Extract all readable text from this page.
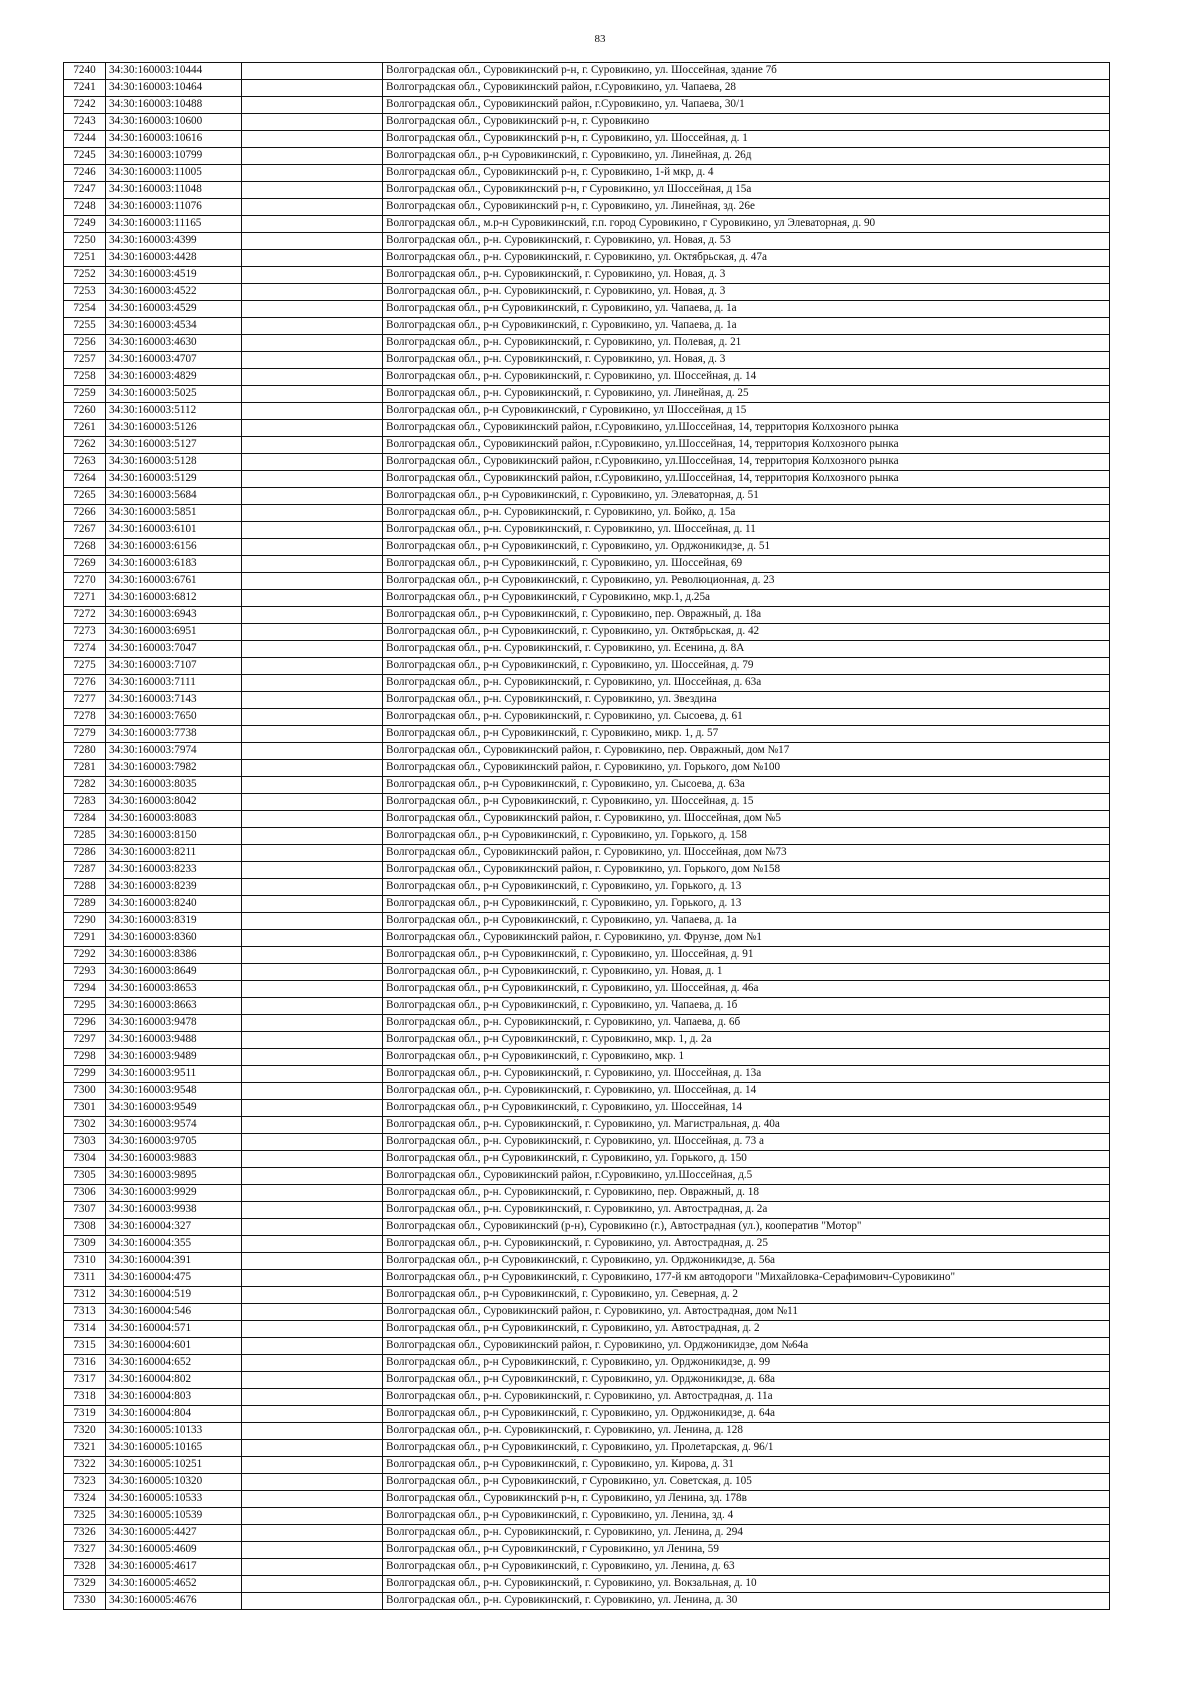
83
7240	34:30:160003:10444		Волгоградская обл., Суровикинский р-н, г. Суровикино, ул. Шоссейная, здание 7б
7241	34:30:160003:10464		Волгоградская обл., Суровикинский район, г.Суровикино, ул. Чапаева, 28
7242	34:30:160003:10488		Волгоградская обл., Суровикинский район, г.Суровикино, ул. Чапаева, 30/1
7243	34:30:160003:10600		Волгоградская обл., Суровикинский р-н, г. Суровикино
7244	34:30:160003:10616		Волгоградская обл., Суровикинский р-н, г. Суровикино, ул. Шоссейная, д. 1
7245	34:30:160003:10799		Волгоградская обл., р-н Суровикинский, г. Суровикино, ул. Линейная, д. 26д
7246	34:30:160003:11005		Волгоградская обл., Суровикинский р-н, г. Суровикино, 1-й мкр, д. 4
7247	34:30:160003:11048		Волгоградская обл., Суровикинский р-н, г Суровикино, ул Шоссейная, д 15а
7248	34:30:160003:11076		Волгоградская обл., Суровикинский р-н, г. Суровикино, ул. Линейная, зд. 26е
7249	34:30:160003:11165		Волгоградская обл., м.р-н Суровикинский, г.п. город Суровикино, г Суровикино, ул Элеваторная, д. 90
7250	34:30:160003:4399		Волгоградская обл., р-н. Суровикинский, г. Суровикино, ул. Новая, д. 53
7251	34:30:160003:4428		Волгоградская обл., р-н. Суровикинский, г. Суровикино, ул. Октябрьская, д. 47а
7252	34:30:160003:4519		Волгоградская обл., р-н. Суровикинский, г. Суровикино, ул. Новая, д. 3
7253	34:30:160003:4522		Волгоградская обл., р-н. Суровикинский, г. Суровикино, ул. Новая, д. 3
7254	34:30:160003:4529		Волгоградская обл., р-н Суровикинский, г. Суровикино, ул. Чапаева, д. 1а
7255	34:30:160003:4534		Волгоградская обл., р-н Суровикинский, г. Суровикино, ул. Чапаева, д. 1а
7256	34:30:160003:4630		Волгоградская обл., р-н. Суровикинский, г. Суровикино, ул. Полевая, д. 21
7257	34:30:160003:4707		Волгоградская обл., р-н. Суровикинский, г. Суровикино, ул. Новая, д. 3
7258	34:30:160003:4829		Волгоградская обл., р-н. Суровикинский, г. Суровикино, ул. Шоссейная, д. 14
7259	34:30:160003:5025		Волгоградская обл., р-н. Суровикинский, г. Суровикино, ул. Линейная, д. 25
7260	34:30:160003:5112		Волгоградская обл., р-н Суровикинский, г Суровикино, ул Шоссейная, д 15
7261	34:30:160003:5126		Волгоградская обл., Суровикинский район, г.Суровикино, ул.Шоссейная, 14, территория Колхозного рынка
7262	34:30:160003:5127		Волгоградская обл., Суровикинский район, г.Суровикино, ул.Шоссейная, 14, территория Колхозного рынка
7263	34:30:160003:5128		Волгоградская обл., Суровикинский район, г.Суровикино, ул.Шоссейная, 14, территория Колхозного рынка
7264	34:30:160003:5129		Волгоградская обл., Суровикинский район, г.Суровикино, ул.Шоссейная, 14, территория Колхозного рынка
7265	34:30:160003:5684		Волгоградская обл., р-н Суровикинский, г. Суровикино, ул. Элеваторная, д. 51
7266	34:30:160003:5851		Волгоградская обл., р-н. Суровикинский, г. Суровикино, ул. Бойко, д. 15а
7267	34:30:160003:6101		Волгоградская обл., р-н. Суровикинский, г. Суровикино, ул. Шоссейная, д. 11
7268	34:30:160003:6156		Волгоградская обл., р-н Суровикинский, г. Суровикино, ул. Орджоникидзе, д. 51
7269	34:30:160003:6183		Волгоградская обл., р-н Суровикинский, г. Суровикино, ул. Шоссейная, 69
7270	34:30:160003:6761		Волгоградская обл., р-н Суровикинский, г. Суровикино, ул. Революционная, д. 23
7271	34:30:160003:6812		Волгоградская обл., р-н Суровикинский, г Суровикино, мкр.1, д.25а
7272	34:30:160003:6943		Волгоградская обл., р-н Суровикинский, г. Суровикино, пер. Овражный, д. 18а
7273	34:30:160003:6951		Волгоградская обл., р-н Суровикинский, г. Суровикино, ул. Октябрьская, д. 42
7274	34:30:160003:7047		Волгоградская обл., р-н. Суровикинский, г. Суровикино, ул. Есенина, д. 8А
7275	34:30:160003:7107		Волгоградская обл., р-н Суровикинский, г. Суровикино, ул. Шоссейная, д. 79
7276	34:30:160003:7111		Волгоградская обл., р-н. Суровикинский, г. Суровикино, ул. Шоссейная, д. 63а
7277	34:30:160003:7143		Волгоградская обл., р-н. Суровикинский, г. Суровикино, ул. Звездина
7278	34:30:160003:7650		Волгоградская обл., р-н. Суровикинский, г. Суровикино, ул. Сысоева, д. 61
7279	34:30:160003:7738		Волгоградская обл., р-н Суровикинский, г. Суровикино, микр. 1, д. 57
7280	34:30:160003:7974		Волгоградская обл., Суровикинский район, г. Суровикино, пер. Овражный, дом №17
7281	34:30:160003:7982		Волгоградская обл., Суровикинский район, г. Суровикино, ул. Горького, дом №100
7282	34:30:160003:8035		Волгоградская обл., р-н Суровикинский, г. Суровикино, ул. Сысоева, д. 63а
7283	34:30:160003:8042		Волгоградская обл., р-н Суровикинский, г. Суровикино, ул. Шоссейная, д. 15
7284	34:30:160003:8083		Волгоградская обл., Суровикинский район, г. Суровикино, ул. Шоссейная, дом №5
7285	34:30:160003:8150		Волгоградская обл., р-н Суровикинский, г. Суровикино, ул. Горького, д. 158
7286	34:30:160003:8211		Волгоградская обл., Суровикинский район, г. Суровикино, ул. Шоссейная, дом №73
7287	34:30:160003:8233		Волгоградская обл., Суровикинский район, г. Суровикино, ул. Горького, дом №158
7288	34:30:160003:8239		Волгоградская обл., р-н Суровикинский, г. Суровикино, ул. Горького, д. 13
7289	34:30:160003:8240		Волгоградская обл., р-н Суровикинский, г. Суровикино, ул. Горького, д. 13
7290	34:30:160003:8319		Волгоградская обл., р-н Суровикинский, г. Суровикино, ул. Чапаева, д. 1а
7291	34:30:160003:8360		Волгоградская обл., Суровикинский район, г. Суровикино, ул. Фрунзе, дом №1
7292	34:30:160003:8386		Волгоградская обл., р-н Суровикинский, г. Суровикино, ул. Шоссейная, д. 91
7293	34:30:160003:8649		Волгоградская обл., р-н Суровикинский, г. Суровикино, ул. Новая, д. 1
7294	34:30:160003:8653		Волгоградская обл., р-н Суровикинский, г. Суровикино, ул. Шоссейная, д. 46а
7295	34:30:160003:8663		Волгоградская обл., р-н Суровикинский, г. Суровикино, ул. Чапаева, д. 1б
7296	34:30:160003:9478		Волгоградская обл., р-н. Суровикинский, г. Суровикино, ул. Чапаева, д. 6б
7297	34:30:160003:9488		Волгоградская обл., р-н Суровикинский, г. Суровикино, мкр. 1, д. 2а
7298	34:30:160003:9489		Волгоградская обл., р-н Суровикинский, г. Суровикино, мкр. 1
7299	34:30:160003:9511		Волгоградская обл., р-н. Суровикинский, г. Суровикино, ул. Шоссейная, д. 13а
7300	34:30:160003:9548		Волгоградская обл., р-н. Суровикинский, г. Суровикино, ул. Шоссейная, д. 14
7301	34:30:160003:9549		Волгоградская обл., р-н Суровикинский, г. Суровикино, ул. Шоссейная, 14
7302	34:30:160003:9574		Волгоградская обл., р-н. Суровикинский, г. Суровикино, ул. Магистральная, д. 40а
7303	34:30:160003:9705		Волгоградская обл., р-н. Суровикинский, г. Суровикино, ул. Шоссейная, д. 73 а
7304	34:30:160003:9883		Волгоградская обл., р-н Суровикинский, г. Суровикино, ул. Горького, д. 150
7305	34:30:160003:9895		Волгоградская обл., Суровикинский район, г.Суровикино, ул.Шоссейная, д.5
7306	34:30:160003:9929		Волгоградская обл., р-н. Суровикинский, г. Суровикино, пер. Овражный, д. 18
7307	34:30:160003:9938		Волгоградская обл., р-н. Суровикинский, г. Суровикино, ул. Автострадная, д. 2а
7308	34:30:160004:327		Волгоградская обл., Суровикинский (р-н), Суровикино (г.), Автострадная (ул.), кооператив "Мотор"
7309	34:30:160004:355		Волгоградская обл., р-н. Суровикинский, г. Суровикино, ул. Автострадная, д. 25
7310	34:30:160004:391		Волгоградская обл., р-н Суровикинский, г. Суровикино, ул. Орджоникидзе, д. 56а
7311	34:30:160004:475		Волгоградская обл., р-н Суровикинский, г. Суровикино, 177-й км автодороги "Михайловка-Серафимович-Суровикино"
7312	34:30:160004:519		Волгоградская обл., р-н Суровикинский, г. Суровикино, ул. Северная, д. 2
7313	34:30:160004:546		Волгоградская обл., Суровикинский район, г. Суровикино, ул. Автострадная, дом №11
7314	34:30:160004:571		Волгоградская обл., р-н Суровикинский, г. Суровикино, ул. Автострадная, д. 2
7315	34:30:160004:601		Волгоградская обл., Суровикинский район, г. Суровикино, ул. Орджоникидзе, дом №64а
7316	34:30:160004:652		Волгоградская обл., р-н Суровикинский, г. Суровикино, ул. Орджоникидзе, д. 99
7317	34:30:160004:802		Волгоградская обл., р-н Суровикинский, г. Суровикино, ул. Орджоникидзе, д. 68а
7318	34:30:160004:803		Волгоградская обл., р-н. Суровикинский, г. Суровикино, ул. Автострадная, д. 11а
7319	34:30:160004:804		Волгоградская обл., р-н Суровикинский, г. Суровикино, ул. Орджоникидзе, д. 64а
7320	34:30:160005:10133		Волгоградская обл., р-н. Суровикинский, г. Суровикино, ул. Ленина, д. 128
7321	34:30:160005:10165		Волгоградская обл., р-н Суровикинский, г. Суровикино, ул. Пролетарская, д. 96/1
7322	34:30:160005:10251		Волгоградская обл., р-н Суровикинский, г. Суровикино, ул. Кирова, д. 31
7323	34:30:160005:10320		Волгоградская обл., р-н Суровикинский, г Суровикино, ул. Советская, д. 105
7324	34:30:160005:10533		Волгоградская обл., Суровикинский р-н, г. Суровикино, ул Ленина, зд. 178в
7325	34:30:160005:10539		Волгоградская обл., р-н Суровикинский, г. Суровикино, ул. Ленина, зд. 4
7326	34:30:160005:4427		Волгоградская обл., р-н. Суровикинский, г. Суровикино, ул. Ленина, д. 294
7327	34:30:160005:4609		Волгоградская обл., р-н Суровикинский, г Суровикино, ул Ленина, 59
7328	34:30:160005:4617		Волгоградская обл., р-н Суровикинский, г. Суровикино, ул. Ленина, д. 63
7329	34:30:160005:4652		Волгоградская обл., р-н. Суровикинский, г. Суровикино, ул. Вокзальная, д. 10
7330	34:30:160005:4676		Волгоградская обл., р-н. Суровикинский, г. Суровикино, ул. Ленина, д. 30
